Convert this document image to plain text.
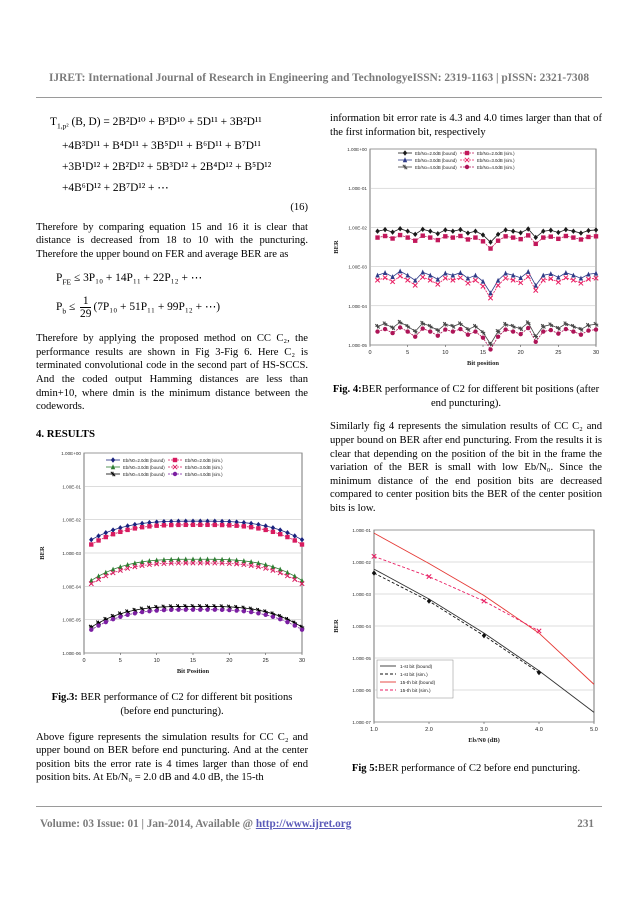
IJRET: International Journal of Research in Engineering and TechnologyeISSN: 2319-1163 | pISSN: 2321-7308
$T_{1,p^2}$ (B, D) = 2B²D¹⁰ + B³D¹⁰ + 5D¹¹ + 3B²D¹¹
+4B³D¹¹ + B⁴D¹¹ + 3B⁵D¹¹ + B⁶D¹¹ + B⁷D¹¹
+3B¹D¹² + 2B²D¹² + 5B³D¹² + 2B⁴D¹² + B⁵D¹²
+4B⁶D¹² + 2B⁷D¹² + ⋯
(16)

Therefore by comparing equation 15 and 16 it is clear that distance is decreased from 18 to 10 with the puncturing. Therefore the upper bound on FER and average BER are as

$P_{FE} \le 3P_{10} + 14P_{11} + 22P_{12}$ + ⋯
$P_b \le \frac{1}{29} (7P_{10} + 51P_{11} + 99P_{12}$ + ⋯)

Therefore by applying the proposed method on CC C₂, the performance results are shown in Fig 3-Fig 6. Here C₂ is terminated convolutional code in the second part of HS-SCCS. And the coded output Hamming distances are less than dmin+10, where dmin is the minimum distance between the codewords.

4. RESULTS
1.00E+00
1.00E-01
1.00E-02
1.00E-03
1.00E-04
1.00E-05
1.00E-06
0	5	10	15	20	25	30
Bit Position
BER
Eb/N0=2.0dB (bound)	Eb/N0=2.0dB (sim.)
Eb/N0=3.0dB (bound)	Eb/N0=3.0dB (sim.)
Eb/N0=4.0dB (bound)	Eb/N0=4.0dB (sim.)
Fig.3: BER performance of C2 for different bit positions (before end puncturing).

Above figure represents the simulation results for CC C₂ and upper bound on BER before end puncturing. And at the center position bits the error rate is 4 times larger than those of end position bits. At Eb/N₀ = 2.0 dB and 4.0 dB, the 15-th

information bit error rate is 4.3 and 4.0 times larger than that of the first information bit, respectively

1.00E+00
1.00E-01
1.00E-02
1.00E-03
1.00E-04
1.00E-05
0	5	10	15	20	25	30
Bit position
BER
Eb/No=2.0dB (bound)	Eb/No=2.0dB (sim.)
Eb/No=3.0dB (bound)	Eb/No=3.0dB (sim.)
Eb/No=4.0dB (bound)	Eb/No=4.0dB (sim.)
Fig. 4:BER performance of C2 for different bit positions (after end puncturing).

Similarly fig 4 represents the simulation results of CC C₂ and upper bound on BER after end puncturing. From the results it is clear that depending on the position of the bit in the frame the variation of the BER is small with low Eb/N₀. Since the minimum distance of the end position bits are decreased compared to center position bits the BER of the center position bits is low.

1.00E-01
1.00E-02
1.00E-03
1.00E-04
1.00E-05
1.00E-06
1.00E-07
1.0	2.0	3.0	4.0	5.0
Eb/N0 (dB)
BER
1-st bit (bound)
1-st bit (sim.)
15-th bit (bound)
15-th bit (sim.)
Fig 5:BER performance of C2 before end puncturing.
Volume: 03 Issue: 01 | Jan-2014, Available @ http://www.ijret.org	231
